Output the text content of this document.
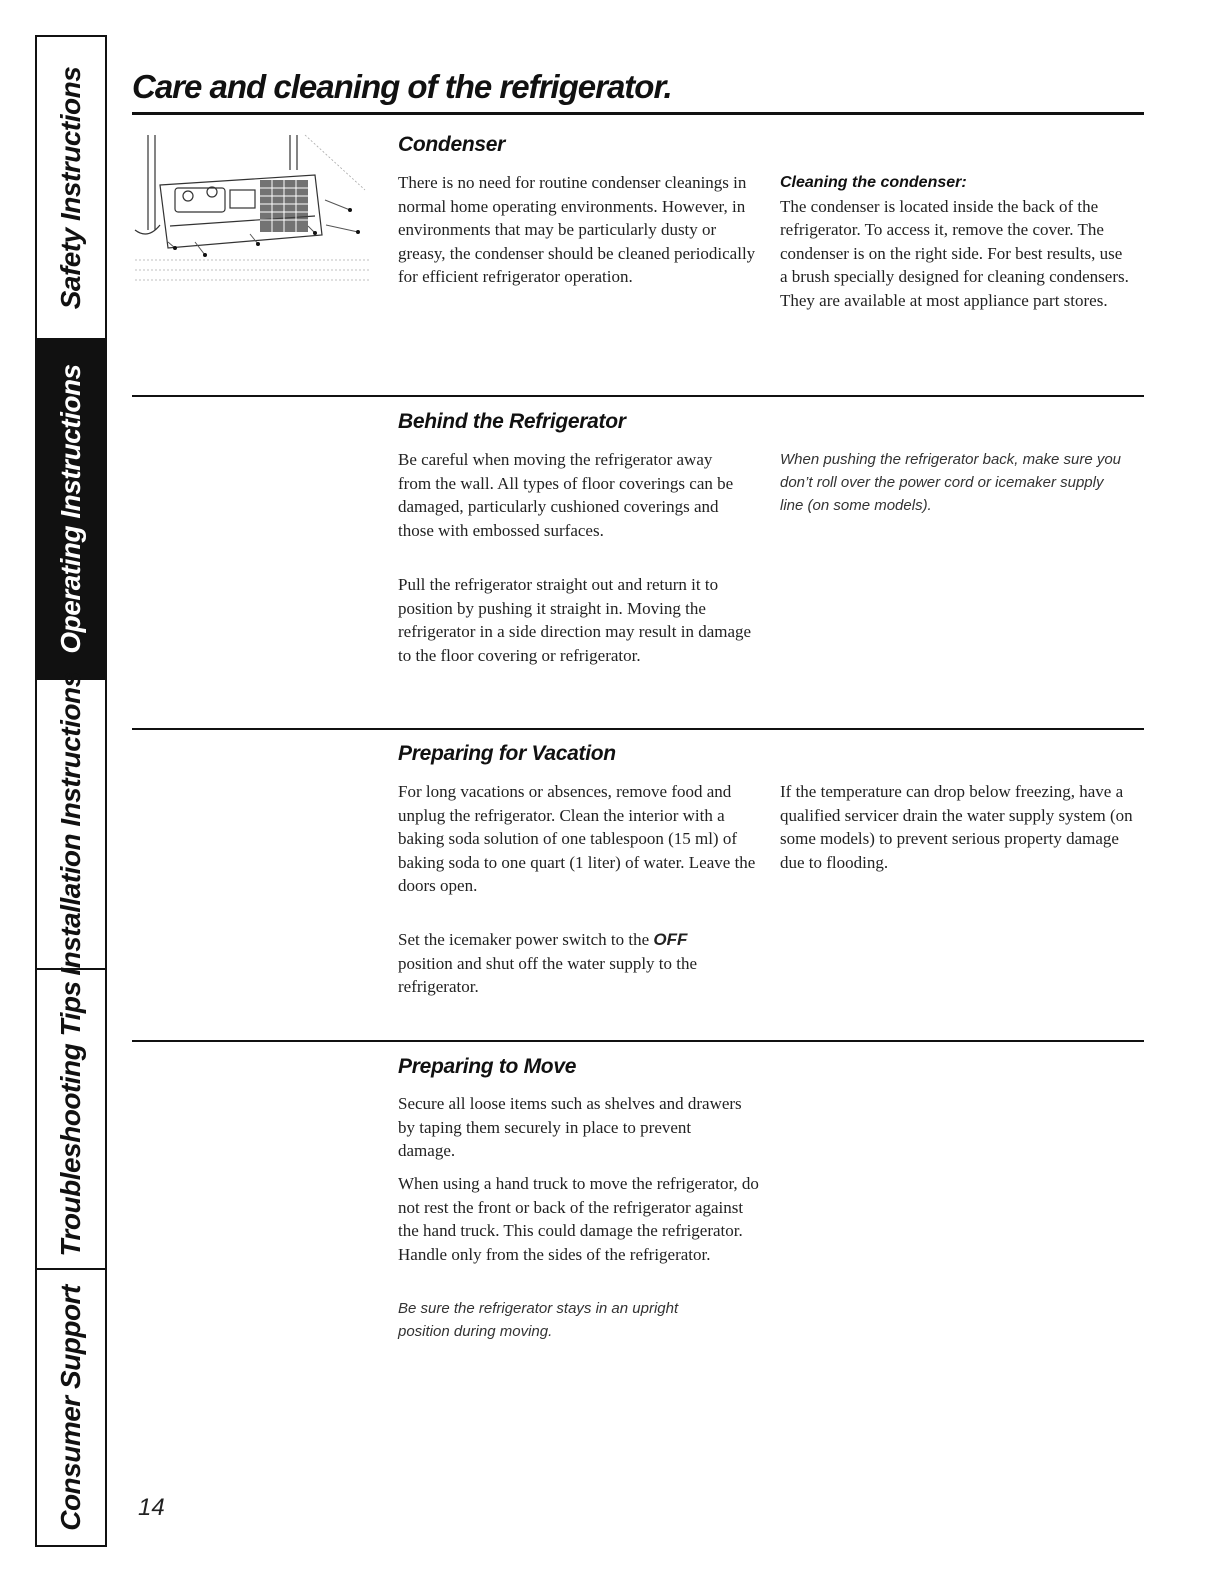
Safety Instructions
Operating Instructions
Installation Instructions
Troubleshooting Tips
Consumer Support
Care and cleaning of the refrigerator.
Condenser

There is no need for routine condenser cleanings in normal home operating environments. However, in environments that may be particularly dusty or greasy, the condenser should be cleaned periodically for efficient refrigerator operation.

Cleaning the condenser:
The condenser is located inside the back of the refrigerator. To access it, remove the cover. The condenser is on the right side. For best results, use a brush specially designed for cleaning condensers. They are available at most appliance part stores.
Behind the Refrigerator

Be careful when moving the refrigerator away from the wall. All types of floor coverings can be damaged, particularly cushioned coverings and those with embossed surfaces.

Pull the refrigerator straight out and return it to position by pushing it straight in. Moving the refrigerator in a side direction may result in damage to the floor covering or refrigerator.

When pushing the refrigerator back, make sure you don’t roll over the power cord or icemaker supply line (on some models).

Preparing for Vacation

For long vacations or absences, remove food and unplug the refrigerator. Clean the interior with a baking soda solution of one tablespoon (15 ml) of baking soda to one quart (1 liter) of water. Leave the doors open.

Set the icemaker power switch to the OFF position and shut off the water supply to the refrigerator.

If the temperature can drop below freezing, have a qualified servicer drain the water supply system (on some models) to prevent serious property damage due to flooding.

Preparing to Move

Secure all loose items such as shelves and drawers by taping them securely in place to prevent damage.

When using a hand truck to move the refrigerator, do not rest the front or back of the refrigerator against the hand truck. This could damage the refrigerator. Handle only from the sides of the refrigerator.

Be sure the refrigerator stays in an upright position during moving.

14
